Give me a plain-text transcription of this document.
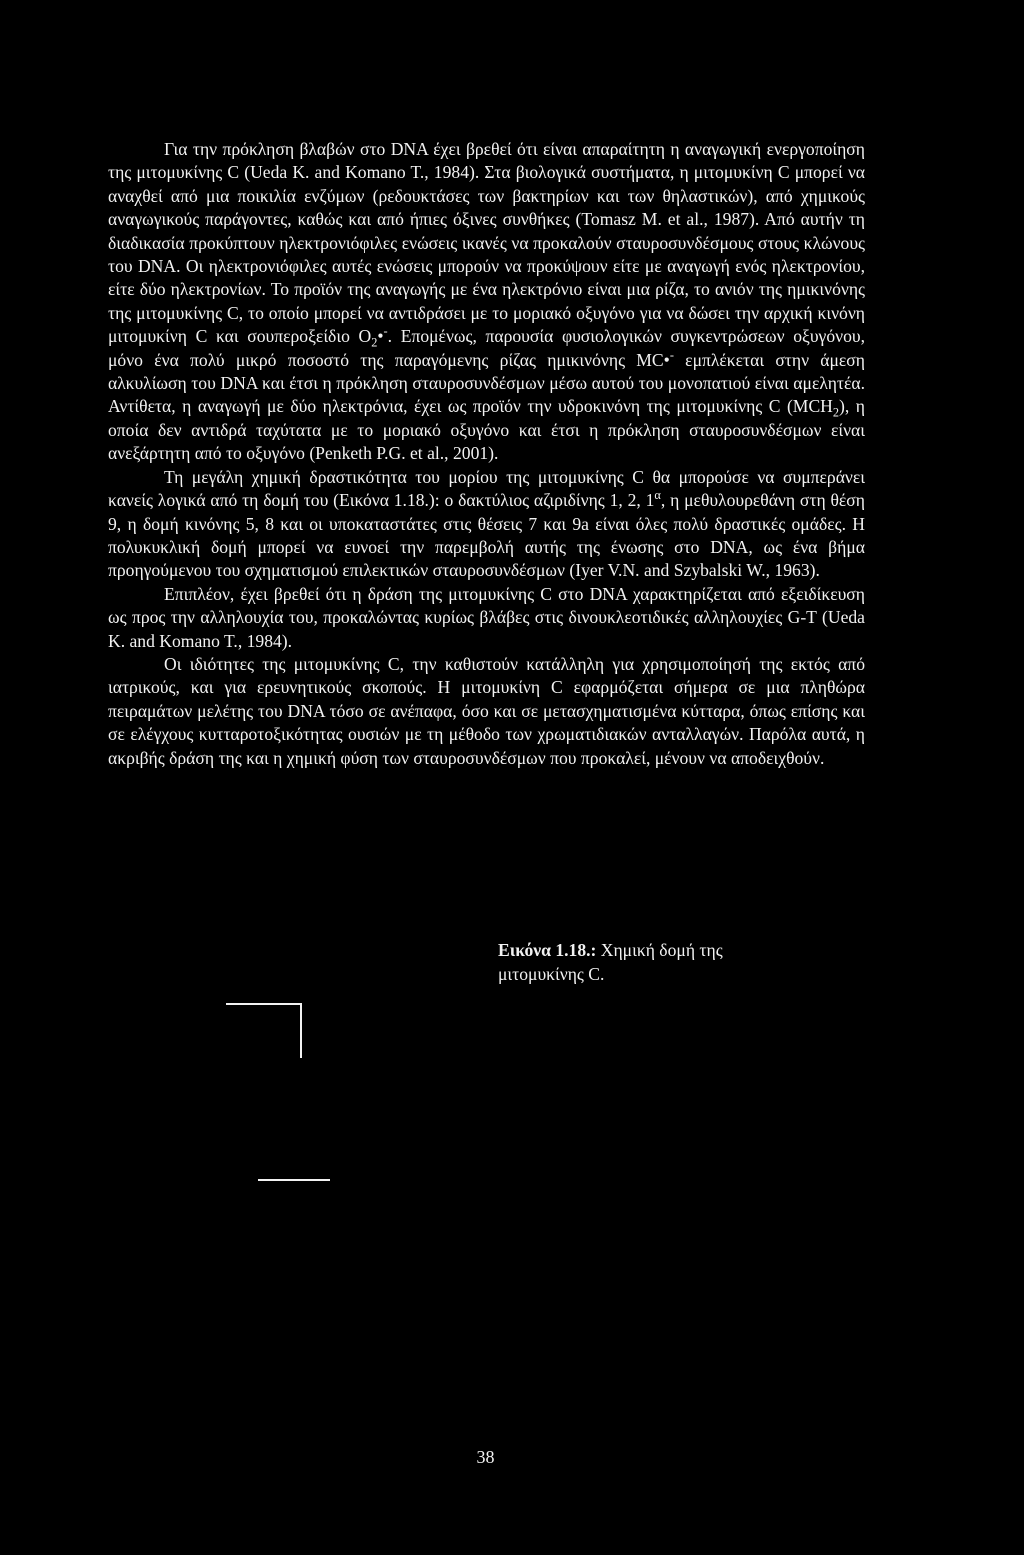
Για την πρόκληση βλαβών στο DNA έχει βρεθεί ότι είναι απαραίτητη η αναγωγική ενεργοποίηση της μιτομυκίνης C (Ueda K. and Komano T., 1984). Στα βιολογικά συστήματα, η μιτομυκίνη C μπορεί να αναχθεί από μια ποικιλία ενζύμων (ρεδουκτάσες των βακτηρίων και των θηλαστικών), από χημικούς αναγωγικούς παράγοντες, καθώς και από ήπιες όξινες συνθήκες (Tomasz M. et al., 1987). Από αυτήν τη διαδικασία προκύπτουν ηλεκτρονιόφιλες ενώσεις ικανές να προκαλούν σταυροσυνδέσμους στους κλώνους του DNA. Οι ηλεκτρονιόφιλες αυτές ενώσεις μπορούν να προκύψουν είτε με αναγωγή ενός ηλεκτρονίου, είτε δύο ηλεκτρονίων. Το προϊόν της αναγωγής με ένα ηλεκτρόνιο είναι μια ρίζα, το ανιόν της ημικινόνης της μιτομυκίνης C, το οποίο μπορεί να αντιδράσει με το μοριακό οξυγόνο για να δώσει την αρχική κινόνη μιτομυκίνη C και σουπεροξείδιο $O_2•^-$. Επομένως, παρουσία φυσιολογικών συγκεντρώσεων οξυγόνου, μόνο ένα πολύ μικρό ποσοστό της παραγόμενης ρίζας ημικινόνης MC•- εμπλέκεται στην άμεση αλκυλίωση του DNA και έτσι η πρόκληση σταυροσυνδέσμων μέσω αυτού του μονοπατιού είναι αμελητέα. Αντίθετα, η αναγωγή με δύο ηλεκτρόνια, έχει ως προϊόν την υδροκινόνη της μιτομυκίνης C $(MCH_2)$, η οποία δεν αντιδρά ταχύτατα με το μοριακό οξυγόνο και έτσι η πρόκληση σταυροσυνδέσμων είναι ανεξάρτητη από το οξυγόνο (Penketh P.G. et al., 2001).

Τη μεγάλη χημική δραστικότητα του μορίου της μιτομυκίνης C θα μπορούσε να συμπεράνει κανείς λογικά από τη δομή του (Εικόνα 1.18.): ο δακτύλιος αζιριδίνης 1, 2, $1^\alpha$, η μεθυλουρεθάνη στη θέση 9, η δομή κινόνης 5, 8 και οι υποκαταστάτες στις θέσεις 7 και 9a είναι όλες πολύ δραστικές ομάδες. Η πολυκυκλική δομή μπορεί να ευνοεί την παρεμβολή αυτής της ένωσης στο DNA, ως ένα βήμα προηγούμενου του σχηματισμού επιλεκτικών σταυροσυνδέσμων (Iyer V.N. and Szybalski W., 1963).

Επιπλέον, έχει βρεθεί ότι η δράση της μιτομυκίνης C στο DNA χαρακτηρίζεται από εξειδίκευση ως προς την αλληλουχία του, προκαλώντας κυρίως βλάβες στις δινουκλεοτιδικές αλληλουχίες G-T (Ueda K. and Komano T., 1984).

Οι ιδιότητες της μιτομυκίνης C, την καθιστούν κατάλληλη για χρησιμοποίησή της εκτός από ιατρικούς, και για ερευνητικούς σκοπούς. Η μιτομυκίνη C εφαρμόζεται σήμερα σε μια πληθώρα πειραμάτων μελέτης του DNA τόσο σε ανέπαφα, όσο και σε μετασχηματισμένα κύτταρα, όπως επίσης και σε ελέγχους κυτταροτοξικότητας ουσιών με τη μέθοδο των χρωματιδιακών ανταλλαγών. Παρόλα αυτά, η ακριβής δράση της και η χημική φύση των σταυροσυνδέσμων που προκαλεί, μένουν να αποδειχθούν.

Εικόνα 1.18.: Χημική δομή της μιτομυκίνης C.
38
